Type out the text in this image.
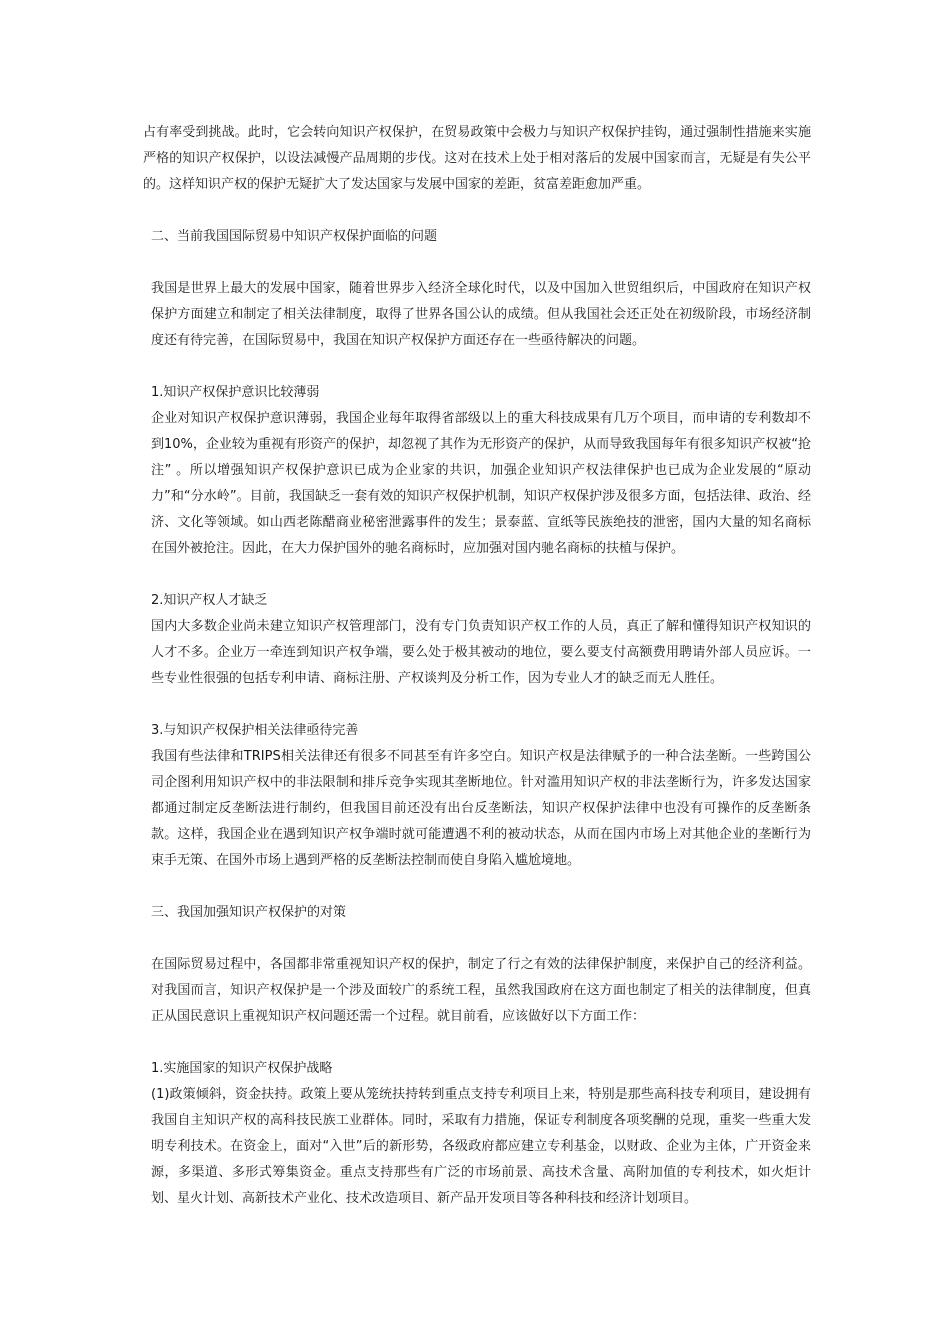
占有率受到挑战。此时，它会转向知识产权保护，在贸易政策中会极力与知识产权保护挂钩，通过强制性措施来实施严格的知识产权保护，以设法减慢产品周期的步伐。这对在技术上处于相对落后的发展中国家而言，无疑是有失公平的。这样知识产权的保护无疑扩大了发达国家与发展中国家的差距，贫富差距愈加严重。

二、当前我国国际贸易中知识产权保护面临的问题

我国是世界上最大的发展中国家，随着世界步入经济全球化时代，以及中国加入世贸组织后，中国政府在知识产权保护方面建立和制定了相关法律制度，取得了世界各国公认的成绩。但从我国社会还正处在初级阶段，市场经济制度还有待完善，在国际贸易中，我国在知识产权保护方面还存在一些亟待解决的问题。

1.知识产权保护意识比较薄弱

企业对知识产权保护意识薄弱，我国企业每年取得省部级以上的重大科技成果有几万个项目，而申请的专利数却不到10%，企业较为重视有形资产的保护，却忽视了其作为无形资产的保护，从而导致我国每年有很多知识产权被“抢注” 。所以增强知识产权保护意识已成为企业家的共识，加强企业知识产权法律保护也已成为企业发展的“原动力”和“分水岭”。目前，我国缺乏一套有效的知识产权保护机制，知识产权保护涉及很多方面，包括法律、政治、经济、文化等领域。如山西老陈醋商业秘密泄露事件的发生；景泰蓝、宣纸等民族绝技的泄密，国内大量的知名商标在国外被抢注。因此，在大力保护国外的驰名商标时，应加强对国内驰名商标的扶植与保护。

2.知识产权人才缺乏

国内大多数企业尚未建立知识产权管理部门，没有专门负责知识产权工作的人员，真正了解和懂得知识产权知识的人才不多。企业万一牵连到知识产权争端，要么处于极其被动的地位，要么要支付高额费用聘请外部人员应诉。一些专业性很强的包括专利申请、商标注册、产权谈判及分析工作，因为专业人才的缺乏而无人胜任。

3.与知识产权保护相关法律亟待完善

我国有些法律和TRIPS相关法律还有很多不同甚至有许多空白。知识产权是法律赋予的一种合法垄断。一些跨国公司企图利用知识产权中的非法限制和排斥竞争实现其垄断地位。针对滥用知识产权的非法垄断行为，许多发达国家都通过制定反垄断法进行制约，但我国目前还没有出台反垄断法，知识产权保护法律中也没有可操作的反垄断条款。这样，我国企业在遇到知识产权争端时就可能遭遇不利的被动状态，从而在国内市场上对其他企业的垄断行为束手无策、在国外市场上遇到严格的反垄断法控制而使自身陷入尴尬境地。

三、我国加强知识产权保护的对策

在国际贸易过程中，各国都非常重视知识产权的保护，制定了行之有效的法律保护制度，来保护自己的经济利益。对我国而言，知识产权保护是一个涉及面较广的系统工程，虽然我国政府在这方面也制定了相关的法律制度，但真正从国民意识上重视知识产权问题还需一个过程。就目前看，应该做好以下方面工作：

1.实施国家的知识产权保护战略

(1)政策倾斜，资金扶持。政策上要从笼统扶持转到重点支持专利项目上来，特别是那些高科技专利项目，建设拥有我国自主知识产权的高科技民族工业群体。同时，采取有力措施，保证专利制度各项奖酬的兑现，重奖一些重大发明专利技术。在资金上，面对“入世”后的新形势，各级政府都应建立专利基金，以财政、企业为主体，广开资金来源，多渠道、多形式筹集资金。重点支持那些有广泛的市场前景、高技术含量、高附加值的专利技术，如火炬计划、星火计划、高新技术产业化、技术改造项目、新产品开发项目等各种科技和经济计划项目。
